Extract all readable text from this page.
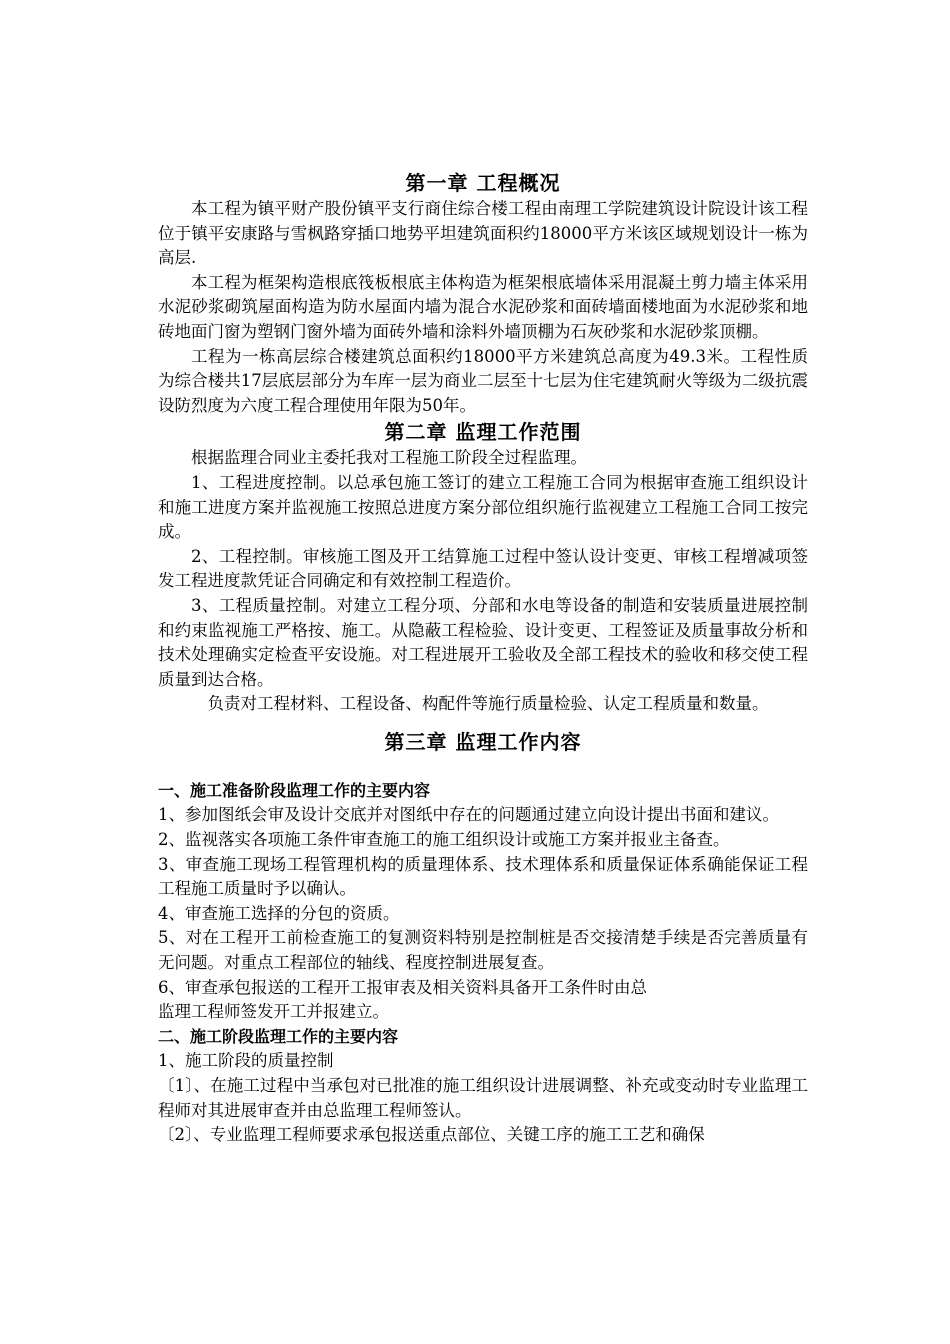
第一章 工程概况

本工程为镇平财产股份镇平支行商住综合楼工程由南理工学院建筑设计院设计该工程位于镇平安康路与雪枫路穿插口地势平坦建筑面积约18000平方米该区域规划设计一栋为高层.

本工程为框架构造根底筏板根底主体构造为框架根底墙体采用混凝土剪力墙主体采用水泥砂浆砌筑屋面构造为防水屋面内墙为混合水泥砂浆和面砖墙面楼地面为水泥砂浆和地砖地面门窗为塑钢门窗外墙为面砖外墙和涂料外墙顶棚为石灰砂浆和水泥砂浆顶棚。

工程为一栋高层综合楼建筑总面积约18000平方米建筑总高度为49.3米。工程性质为综合楼共17层底层部分为车库一层为商业二层至十七层为住宅建筑耐火等级为二级抗震设防烈度为六度工程合理使用年限为50年。

第二章 监理工作范围

根据监理合同业主委托我对工程施工阶段全过程监理。

1、工程进度控制。以总承包施工签订的建立工程施工合同为根据审查施工组织设计和施工进度方案并监视施工按照总进度方案分部位组织施行监视建立工程施工合同工按完成。

2、工程控制。审核施工图及开工结算施工过程中签认设计变更、审核工程增减项签发工程进度款凭证合同确定和有效控制工程造价。

3、工程质量控制。对建立工程分项、分部和水电等设备的制造和安装质量进展控制和约束监视施工严格按、施工。从隐蔽工程检验、设计变更、工程签证及质量事故分析和技术处理确实定检查平安设施。对工程进展开工验收及全部工程技术的验收和移交使工程质量到达合格。

负责对工程材料、工程设备、构配件等施行质量检验、认定工程质量和数量。

第三章 监理工作内容
一、施工准备阶段监理工作的主要内容

1、参加图纸会审及设计交底并对图纸中存在的问题通过建立向设计提出书面和建议。

2、监视落实各项施工条件审查施工的施工组织设计或施工方案并报业主备查。

3、审查施工现场工程管理机构的质量理体系、技术理体系和质量保证体系确能保证工程工程施工质量时予以确认。

4、审查施工选择的分包的资质。

5、对在工程开工前检查施工的复测资料特别是控制桩是否交接清楚手续是否完善质量有无问题。对重点工程部位的轴线、程度控制进展复查。

6、审查承包报送的工程开工报审表及相关资料具备开工条件时由总

监理工程师签发开工并报建立。

二、施工阶段监理工作的主要内容

1、施工阶段的质量控制

〔1〕、在施工过程中当承包对已批准的施工组织设计进展调整、补充或变动时专业监理工程师对其进展审查并由总监理工程师签认。

〔2〕、专业监理工程师要求承包报送重点部位、关键工序的施工工艺和确保
